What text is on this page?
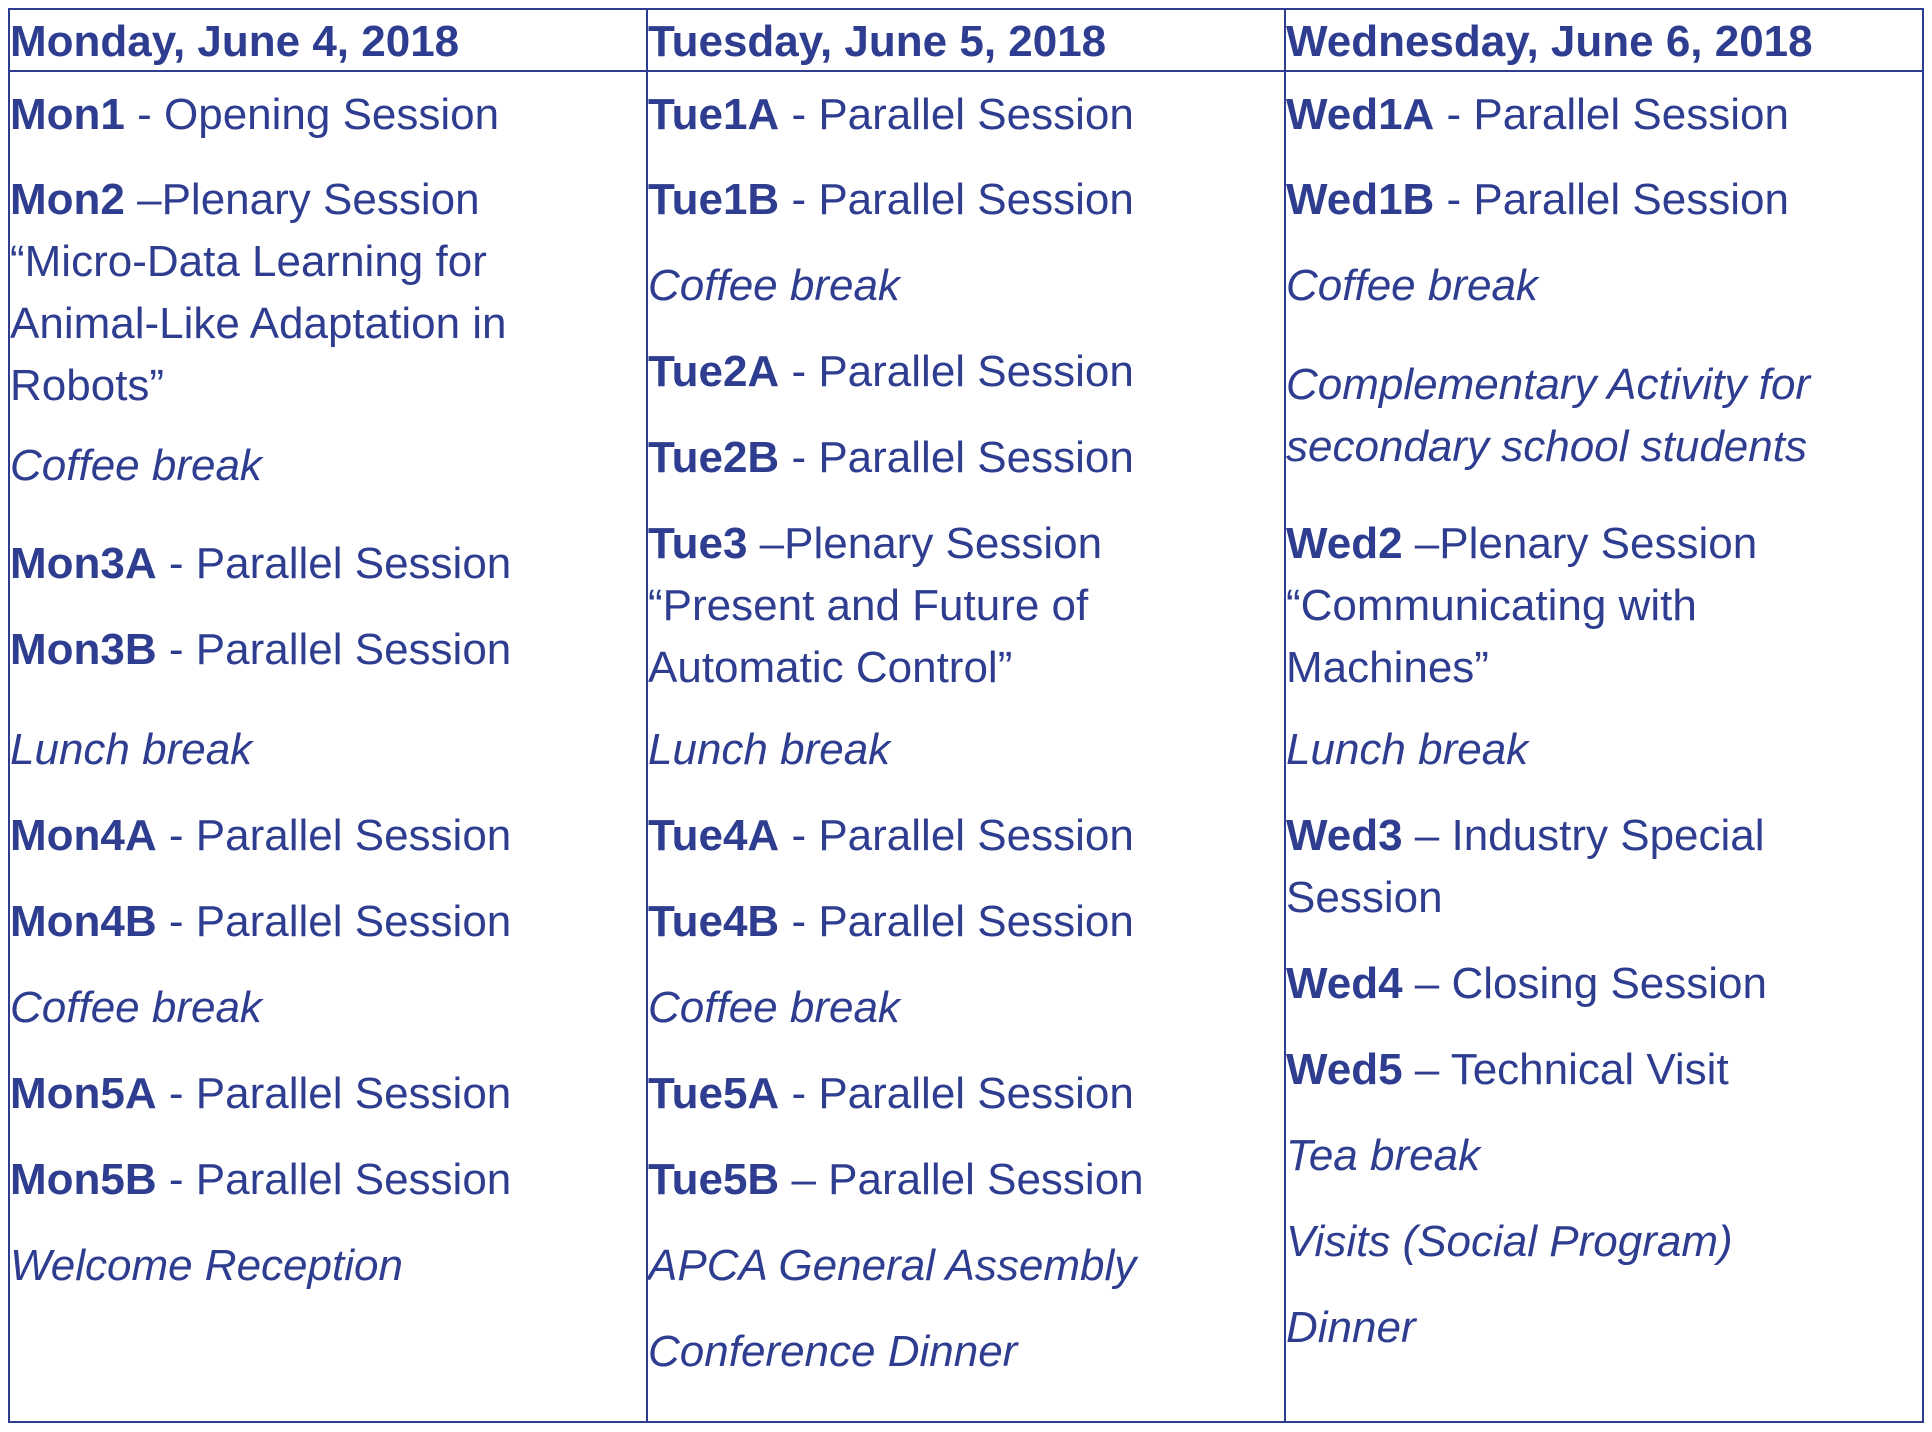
Monday, June 4, 2018
Mon1 - Opening Session
Mon2 –Plenary Session
“Micro-Data Learning for
Animal-Like Adaptation in
Robots”
Coffee break
Mon3A - Parallel Session
Mon3B - Parallel Session
Lunch break
Mon4A - Parallel Session
Mon4B - Parallel Session
Coffee break
Mon5A - Parallel Session
Mon5B - Parallel Session
Welcome Reception
Tuesday, June 5, 2018
Tue1A - Parallel Session
Tue1B - Parallel Session
Coffee break
Tue2A - Parallel Session
Tue2B - Parallel Session
Tue3 –Plenary Session
“Present and Future of
Automatic Control”
Lunch break
Tue4A - Parallel Session
Tue4B - Parallel Session
Coffee break
Tue5A - Parallel Session
Tue5B – Parallel Session
APCA General Assembly
Conference Dinner
Wednesday, June 6, 2018
Wed1A - Parallel Session
Wed1B - Parallel Session
Coffee break
Complementary Activity for
secondary school students
Wed2 –Plenary Session
“Communicating with
Machines”
Lunch break
Wed3 – Industry Special
Session
Wed4 – Closing Session
Wed5 – Technical Visit
Tea break
Visits (Social Program)
Dinner
